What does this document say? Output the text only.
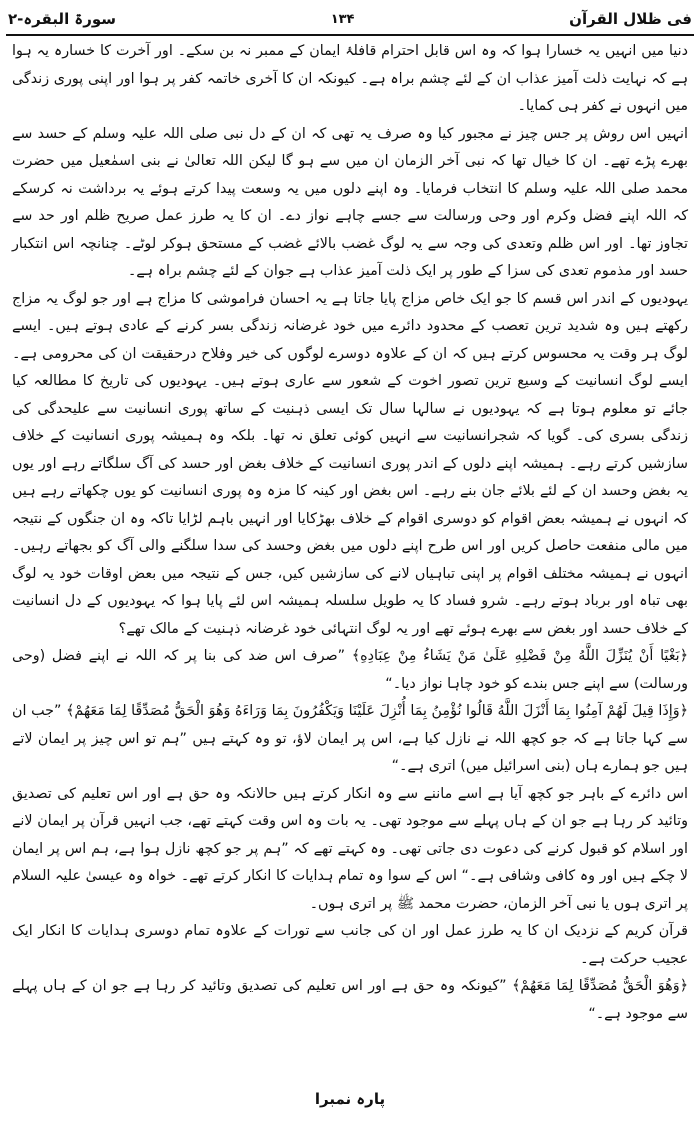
فی ظلال القرآن
۱۳۴
سورۃ البقرہ-۲

دنیا میں انہیں یہ خسارا ہوا کہ وہ اس قابل احترام قافلۂ ایمان کے ممبر نہ بن سکے۔ اور آخرت کا خسارہ یہ ہوا ہے کہ نہایت ذلت آمیز عذاب ان کے لئے چشم براہ ہے۔ کیونکہ ان کا آخری خاتمہ کفر پر ہوا اور اپنی پوری زندگی میں انہوں نے کفر ہی کمایا۔

انہیں اس روش پر جس چیز نے مجبور کیا وہ صرف یہ تھی کہ ان کے دل نبی صلی اللہ علیہ وسلم کے حسد سے بھرے پڑے تھے۔ ان کا خیال تھا کہ نبی آخر الزمان ان میں سے ہو گا لیکن اللہ تعالیٰ نے بنی اسمٰعیل میں حضرت محمد صلی اللہ علیہ وسلم کا انتخاب فرمایا۔ وہ اپنے دلوں میں یہ وسعت پیدا کرتے ہوئے یہ برداشت نہ کرسکے کہ اللہ اپنے فضل وکرم اور وحی ورسالت سے جسے چاہے نواز دے۔ ان کا یہ طرز عمل صریح ظلم اور حد سے تجاوز تھا۔ اور اس ظلم وتعدی کی وجہ سے یہ لوگ غضب بالائے غضب کے مستحق ہوکر لوٹے۔ چنانچہ اس انتکبار حسد اور مذموم تعدی کی سزا کے طور پر ایک ذلت آمیز عذاب ہے جوان کے لئے چشم براہ ہے۔

یہودیوں کے اندر اس قسم کا جو ایک خاص مزاج پایا جاتا ہے یہ احسان فراموشی کا مزاج ہے اور جو لوگ یہ مزاج رکھتے ہیں وہ شدید ترین تعصب کے محدود دائرے میں خود غرضانہ زندگی بسر کرنے کے عادی ہوتے ہیں۔ ایسے لوگ ہر وقت یہ محسوس کرتے ہیں کہ ان کے علاوہ دوسرے لوگوں کی خیر وفلاح درحقیقت ان کی محرومی ہے۔ ایسے لوگ انسانیت کے وسیع ترین تصور اخوت کے شعور سے عاری ہوتے ہیں۔ یہودیوں کی تاریخ کا مطالعہ کیا جائے تو معلوم ہوتا ہے کہ یہودیوں نے سالہا سال تک ایسی ذہنیت کے ساتھ پوری انسانیت سے علیحدگی کی زندگی بسری کی۔ گویا کہ شجرانسانیت سے انہیں کوئی تعلق نہ تھا۔ بلکہ وہ ہمیشہ پوری انسانیت کے خلاف سازشیں کرتے رہے۔ ہمیشہ اپنے دلوں کے اندر پوری انسانیت کے خلاف بغض اور حسد کی آگ سلگاتے رہے اور یوں یہ بغض وحسد ان کے لئے بلائے جان بنے رہے۔ اس بغض اور کینہ کا مزہ وہ پوری انسانیت کو یوں چکھاتے رہے ہیں کہ انہوں نے ہمیشہ بعض اقوام کو دوسری اقوام کے خلاف بھڑکایا اور انہیں باہم لڑایا تاکہ وہ ان جنگوں کے نتیجہ میں مالی منفعت حاصل کریں اور اس طرح اپنے دلوں میں بغض وحسد کی سدا سلگنے والی آگ کو بجھاتے رہیں۔ انہوں نے ہمیشہ مختلف اقوام پر اپنی تباہیاں لانے کی سازشیں کیں، جس کے نتیجہ میں بعض اوقات خود یہ لوگ بھی تباہ اور برباد ہوتے رہے۔ شرو فساد کا یہ طویل سلسلہ ہمیشہ اس لئے پایا ہوا کہ یہودیوں کے دل انسانیت کے خلاف حسد اور بغض سے بھرے ہوئے تھے اور یہ لوگ انتہائی خود غرضانہ ذہنیت کے مالک تھے؟

﴿بَغْيًا أَنْ يُنَزِّلَ اللَّهُ مِنْ فَضْلِهِ عَلَىٰ مَنْ يَشَاءُ مِنْ عِبَادِهِ﴾ ”صرف اس ضد کی بنا پر کہ اللہ نے اپنے فضل (وحی ورسالت) سے اپنے جس بندے کو خود چاہا نواز دیا۔“

﴿وَإِذَا قِيلَ لَهُمْ آمِنُوا بِمَا أَنْزَلَ اللَّهُ قَالُوا نُؤْمِنُ بِمَا أُنْزِلَ عَلَيْنَا وَيَكْفُرُونَ بِمَا وَرَاءَهُ وَهُوَ الْحَقُّ مُصَدِّقًا لِمَا مَعَهُمْ﴾ ”جب ان سے کہا جاتا ہے کہ جو کچھ اللہ نے نازل کیا ہے، اس پر ایمان لاؤ، تو وہ کہتے ہیں ”ہم تو اس چیز پر ایمان لاتے ہیں جو ہمارے ہاں (بنی اسرائیل میں) اتری ہے۔“

اس دائرے کے باہر جو کچھ آیا ہے اسے ماننے سے وہ انکار کرتے ہیں حالانکہ وہ حق ہے اور اس تعلیم کی تصدیق وتائید کر رہا ہے جو ان کے ہاں پہلے سے موجود تھی۔ یہ بات وہ اس وقت کہتے تھے، جب انہیں قرآن پر ایمان لانے اور اسلام کو قبول کرنے کی دعوت دی جاتی تھی۔ وہ کہتے تھے کہ ”ہم پر جو کچھ نازل ہوا ہے، ہم اس پر ایمان لا چکے ہیں اور وہ کافی وشافی ہے۔“ اس کے سوا وہ تمام ہدایات کا انکار کرتے تھے۔ خواہ وہ عیسیٰ علیہ السلام پر اتری ہوں یا نبی آخر الزمان، حضرت محمد ﷺ پر اتری ہوں۔

قرآن کریم کے نزدیک ان کا یہ طرز عمل اور ان کی جانب سے تورات کے علاوہ تمام دوسری ہدایات کا انکار ایک عجیب حرکت ہے۔

﴿وَهُوَ الْحَقُّ مُصَدِّقًا لِمَا مَعَهُمْ﴾ ”کیونکہ وہ حق ہے اور اس تعلیم کی تصدیق وتائید کر رہا ہے جو ان کے ہاں پہلے سے موجود ہے۔“

پارہ نمبرا
